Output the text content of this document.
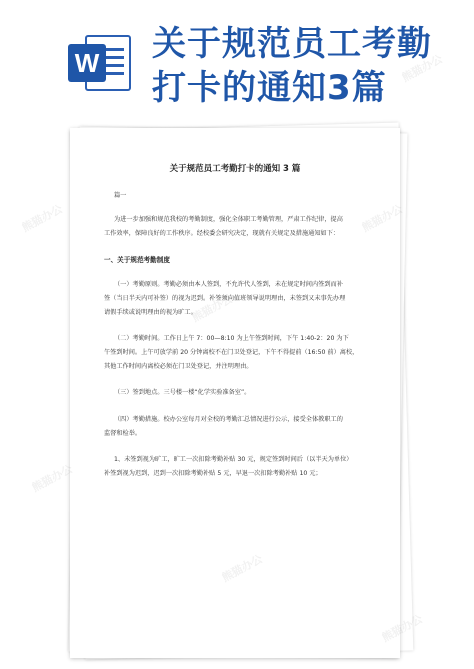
W 关于规范员工考勤
打卡的通知3篇
关于规范员工考勤打卡的通知 3 篇
篇一
为进一步加强和规范我校的考勤制度，强化全体职工考勤管理，严肃工作纪律，提高
工作效率，保障良好的工作秩序。经校委会研究决定，现就有关规定及措施通知如下：
一、关于规范考勤制度
（一）考勤原则。考勤必须由本人签到，不允许代人签到，未在规定时间内签到而补
签（当日半天内可补签）的视为迟到。补签须向值班领导说明理由，未签到又未事先办理
请假手续或说明理由的视为旷工。
（二）考勤时间。工作日上午 7：00—8:10 为上午签到时间，下午 1:40-2：20 为下
午签到时间。上午可放学前 20 分钟离校不在门卫处登记，下午不得提前（16:50 前）离校，
其他工作时间内离校必须在门卫处登记，并注明理由。
（三）签到地点。三号楼一楼“化学实验准备室”。
（四）考勤措施。校办公室每月对全校的考勤汇总情况进行公示，接受全体教职工的
监督和检举。
1、未签到视为旷工，旷工一次扣除考勤补贴 30 元，规定签到时间后（以半天为单位）
补签到视为迟到，迟到一次扣除考勤补贴 5 元，早退一次扣除考勤补贴 10 元；
熊猫办公
熊猫办公
